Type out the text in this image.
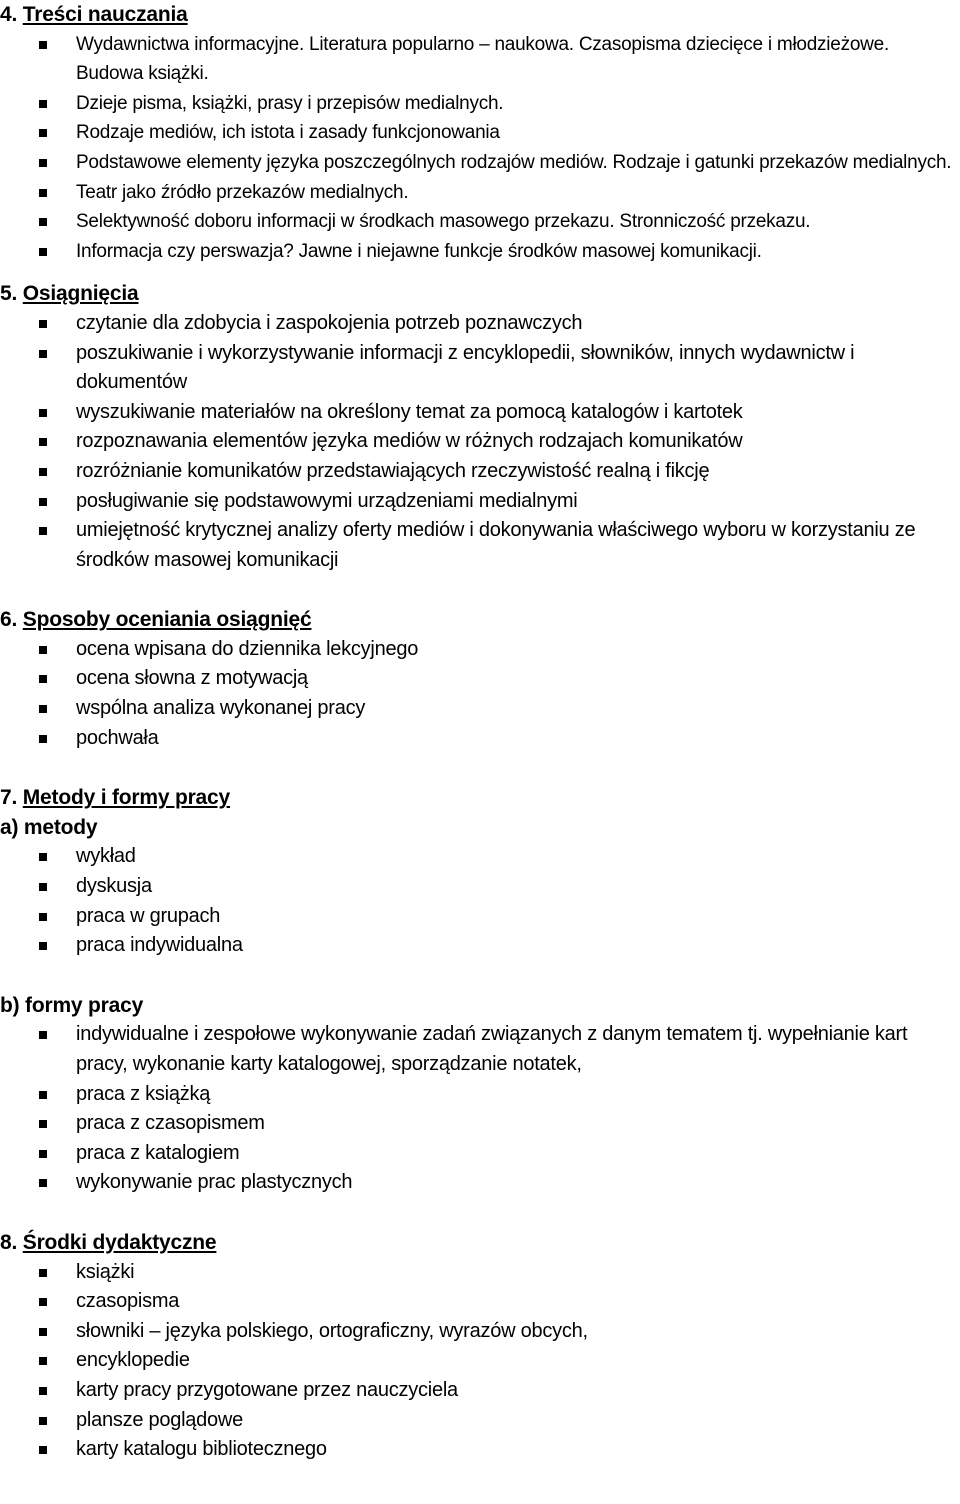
4. Treści nauczania

Wydawnictwa informacyjne. Literatura popularno – naukowa. Czasopisma dziecięce i młodzieżowe. Budowa książki.
Dzieje pisma, książki, prasy i przepisów medialnych.
Rodzaje mediów, ich istota i zasady funkcjonowania
Podstawowe elementy języka poszczególnych rodzajów mediów. Rodzaje i gatunki przekazów medialnych.
Teatr jako źródło przekazów medialnych.
Selektywność doboru informacji w środkach masowego przekazu. Stronniczość przekazu.
Informacja czy perswazja? Jawne i niejawne funkcje środków masowej komunikacji.

5. Osiągnięcia

czytanie dla zdobycia i zaspokojenia potrzeb poznawczych
poszukiwanie i wykorzystywanie informacji z encyklopedii, słowników, innych wydawnictw i dokumentów
wyszukiwanie materiałów na określony temat za pomocą katalogów i kartotek
rozpoznawania elementów języka mediów w różnych rodzajach komunikatów
rozróżnianie komunikatów przedstawiających rzeczywistość realną i fikcję
posługiwanie się podstawowymi urządzeniami medialnymi
umiejętność krytycznej analizy oferty mediów i dokonywania właściwego wyboru w korzystaniu ze środków masowej komunikacji

6. Sposoby oceniania osiągnięć

ocena wpisana do dziennika lekcyjnego
ocena słowna z motywacją
wspólna analiza wykonanej pracy
pochwała

7. Metody i formy pracy

a) metody

wykład
dyskusja
praca w grupach
praca indywidualna

b) formy pracy

indywidualne i zespołowe wykonywanie zadań związanych z danym tematem tj. wypełnianie kart pracy, wykonanie karty katalogowej, sporządzanie notatek,
praca z książką
praca z czasopismem
praca z katalogiem
wykonywanie prac plastycznych

8. Środki dydaktyczne

książki
czasopisma
słowniki – języka polskiego, ortograficzny, wyrazów obcych,
encyklopedie
karty pracy przygotowane przez nauczyciela
plansze poglądowe
karty katalogu bibliotecznego
